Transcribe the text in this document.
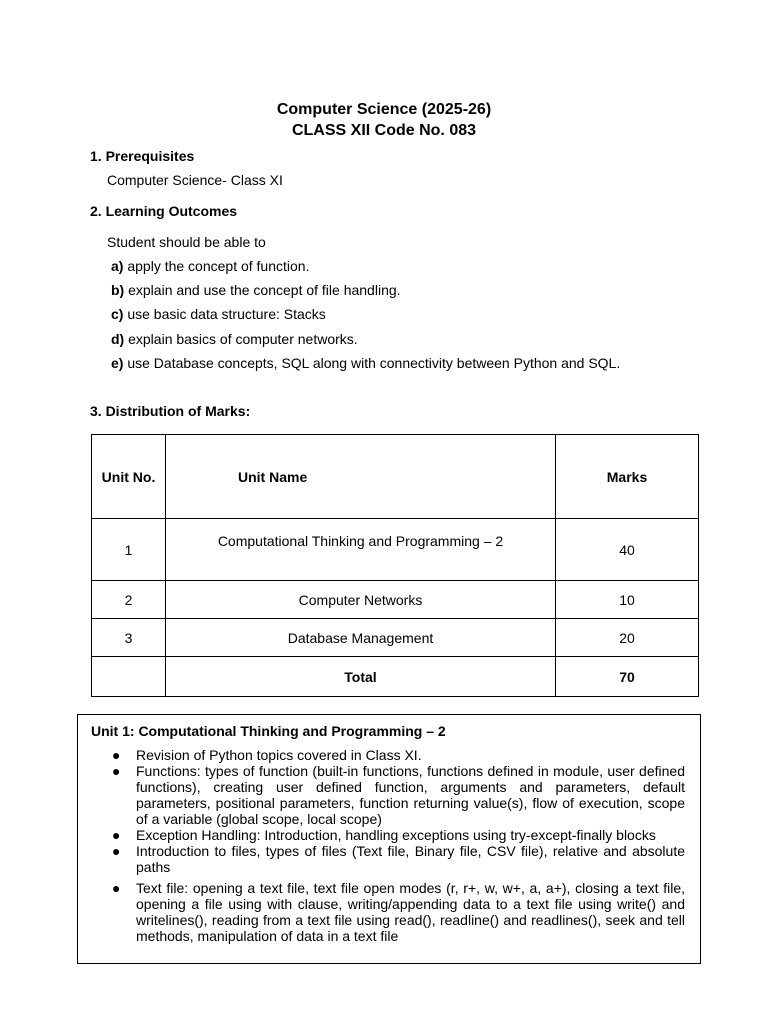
Computer Science (2025-26)
CLASS XII Code No. 083
1. Prerequisites
Computer Science- Class XI
2. Learning Outcomes
Student should be able to
a) apply the concept of function.
b) explain and use the concept of file handling.
c) use basic data structure: Stacks
d) explain basics of computer networks.
e) use Database concepts, SQL along with connectivity between Python and SQL.
3. Distribution of Marks:
Unit No.	Unit Name	Marks
1	Computational Thinking and Programming – 2	40
2	Computer Networks	10
3	Database Management	20
	Total	70
Unit 1: Computational Thinking and Programming – 2
● Revision of Python topics covered in Class XI.
● Functions: types of function (built-in functions, functions defined in module, user defined functions), creating user defined function, arguments and parameters, default parameters, positional parameters, function returning value(s), flow of execution, scope of a variable (global scope, local scope)
● Exception Handling: Introduction, handling exceptions using try-except-finally blocks
● Introduction to files, types of files (Text file, Binary file, CSV file), relative and absolute paths
● Text file: opening a text file, text file open modes (r, r+, w, w+, a, a+), closing a text file, opening a file using with clause, writing/appending data to a text file using write() and writelines(), reading from a text file using read(), readline() and readlines(), seek and tell methods, manipulation of data in a text file
